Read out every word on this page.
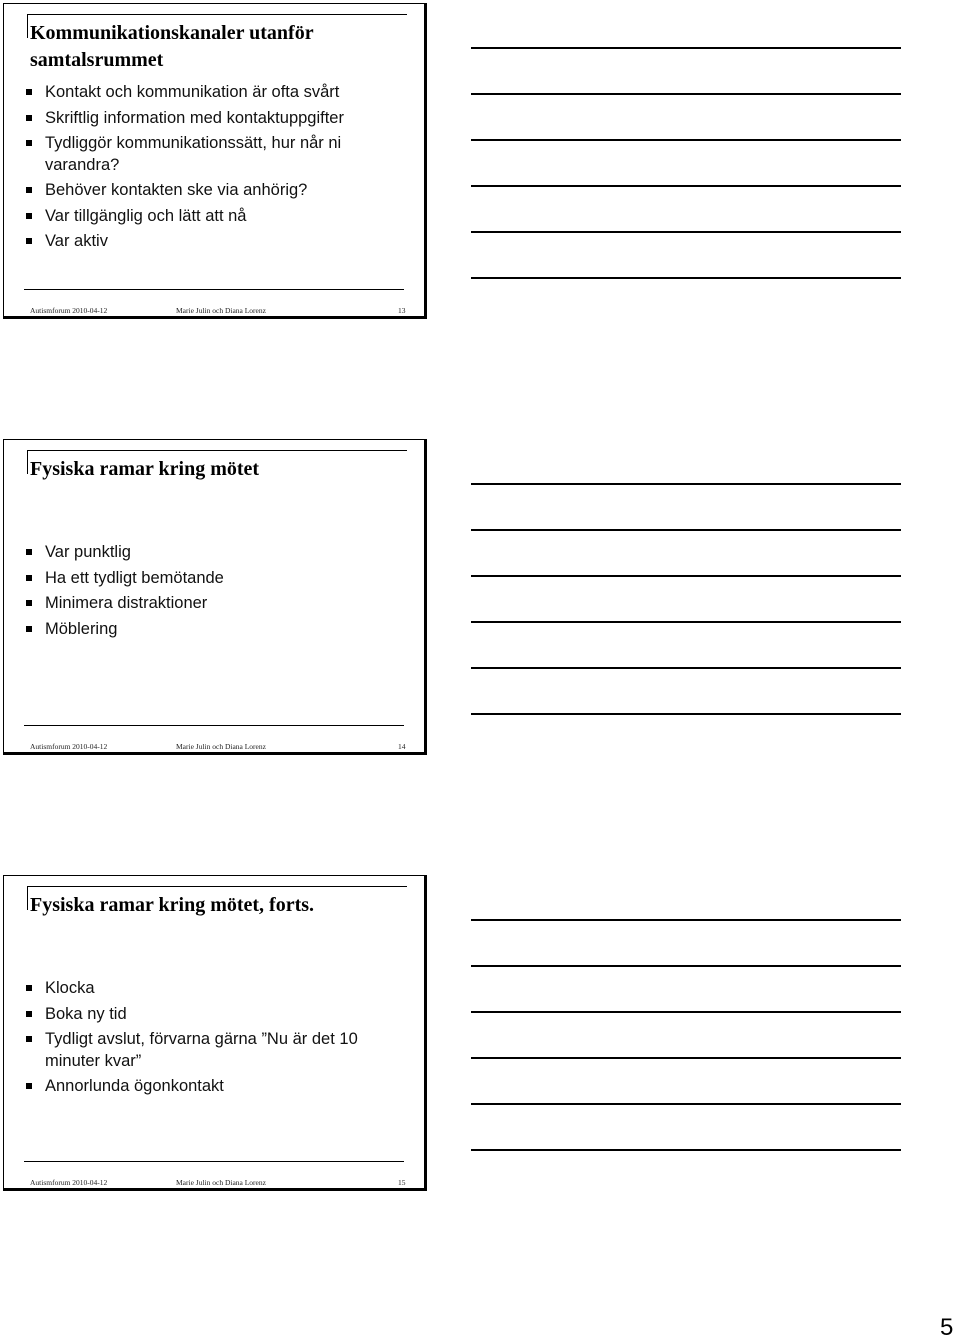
Kommunikationskanaler utanför samtalsrummet
Kontakt och kommunikation är ofta svårt
Skriftlig information med kontaktuppgifter
Tydliggör kommunikationssätt, hur når ni varandra?
Behöver kontakten ske via anhörig?
Var tillgänglig och lätt att nå
Var aktiv
Autismforum 2010-04-12	Marie Julin och Diana Lorenz	13
Fysiska ramar kring mötet
Var punktlig
Ha ett tydligt bemötande
Minimera distraktioner
Möblering
Autismforum 2010-04-12	Marie Julin och Diana Lorenz	14
Fysiska ramar kring mötet, forts.
Klocka
Boka ny tid
Tydligt avslut, förvarna gärna ”Nu är det 10 minuter kvar”
Annorlunda ögonkontakt
Autismforum 2010-04-12	Marie Julin och Diana Lorenz	15
5
